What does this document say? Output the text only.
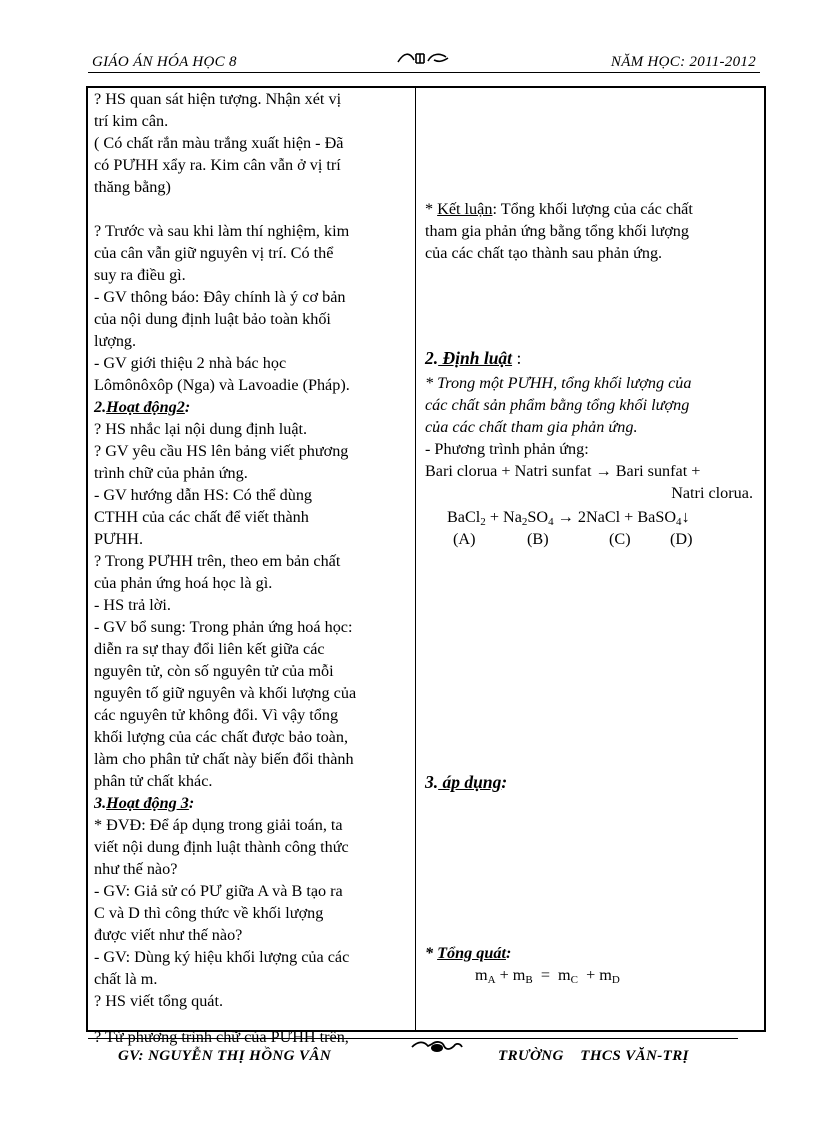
GIÁO ÁN HÓA HỌC 8	NĂM HỌC: 2011-2012
? HS quan sát hiện tượng. Nhận xét vị
trí kim cân.
( Có chất rắn màu trắng xuất hiện - Đã
có PƯHH xẩy ra. Kim cân vẫn ở vị trí
thăng bằng)
? Trước và sau khi làm thí nghiệm, kim
của cân vẫn giữ nguyên vị trí. Có thể
suy ra điều gì.
- GV thông báo: Đây chính là ý cơ bản
của nội dung định luật bảo toàn khối
lượng.
- GV giới thiệu 2 nhà bác học
Lômônôxôp (Nga) và Lavoadie (Pháp).
2.Hoạt động2:
? HS nhắc lại nội dung định luật.
? GV yêu cầu HS lên bảng viết phương
trình chữ của phản ứng.
- GV hướng dẫn HS: Có thể dùng
CTHH của các chất để viết thành
PƯHH.
? Trong PƯHH trên, theo em bản chất
của phản ứng hoá học là gì.
- HS trả lời.
- GV bổ sung: Trong phản ứng hoá học:
diễn ra sự thay đổi liên kết giữa các
nguyên tử, còn số nguyên tử của mỗi
nguyên tố giữ nguyên và khối lượng của
các nguyên tử không đổi. Vì vậy tổng
khối lượng của các chất được bảo toàn,
làm cho phân tử chất này biến đổi thành
phân tử chất khác.
3.Hoạt động 3:
* ĐVĐ: Để áp dụng trong giải toán, ta
viết nội dung định luật thành công thức
như thế nào?
- GV: Giả sử có PƯ giữa A và B tạo ra
C và D thì công thức về khối lượng
được viết như thế nào?
- GV: Dùng ký hiệu khối lượng của các
chất là m.
? HS viết tổng quát.
? Từ phương trình chữ của PƯHH trên,
* Kết luận: Tổng khối lượng của các chất
tham gia phản ứng bằng tổng khối lượng
của các chất tạo thành sau phản ứng.
2. Định luật :
* Trong một PƯHH, tổng khối lượng của
các chất sản phẩm bằng tổng khối lượng
của các chất tham gia phản ứng.
- Phương trình phản ứng:
Bari clorua + Natri sunfat → Bari sunfat +
Natri clorua.
BaCl$_2$ + $Na_2SO_4$ → 2NaCl + BaSO$_4$↓
(A)	(B)	(C) (D)
3. áp dụng:
* Tổng quát:
$m_A + m_B = m_C + m_D$
GV: NGUYỄN THỊ HỒNG VÂN	TRƯỜNG    THCS VĂN-TRỊ
